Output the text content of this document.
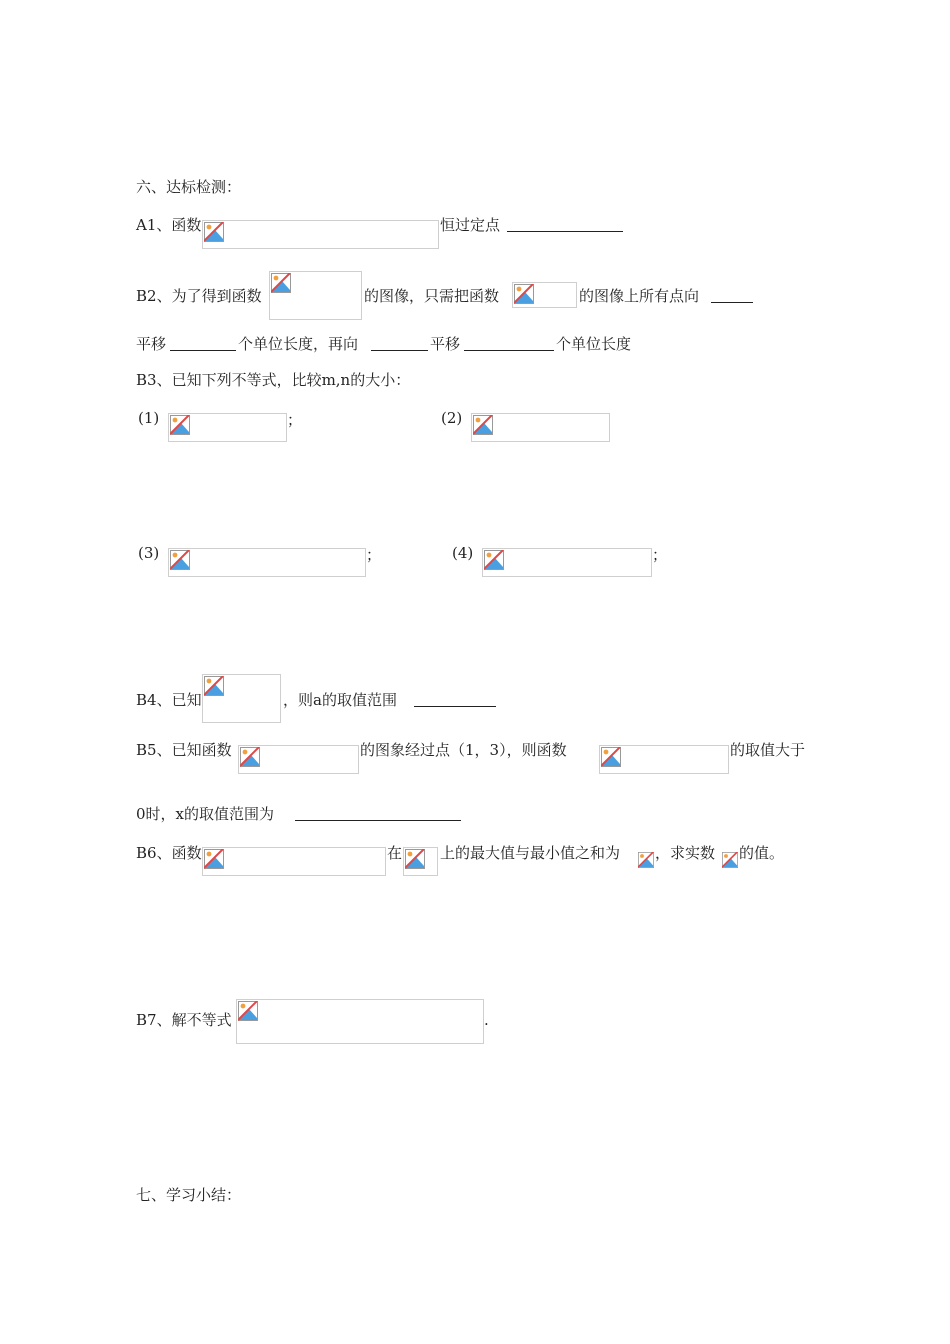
六、达标检测：
A1、函数	恒过定点
B2、为了得到函数	的图像，只需把函数	的图像上所有点向
平移	个单位长度，再向	平移	个单位长度
B3、已知下列不等式，比较m,n的大小：
(1)	；	(2)
(3)	；	(4)	；
B4、已知	，则a的取值范围
B5、已知函数	的图象经过点（1，3），则函数	的取值大于
0时，x的取值范围为
B6、函数	在	上的最大值与最小值之和为 ，求实数 的值。
B7、解不等式	.
七、学习小结：
